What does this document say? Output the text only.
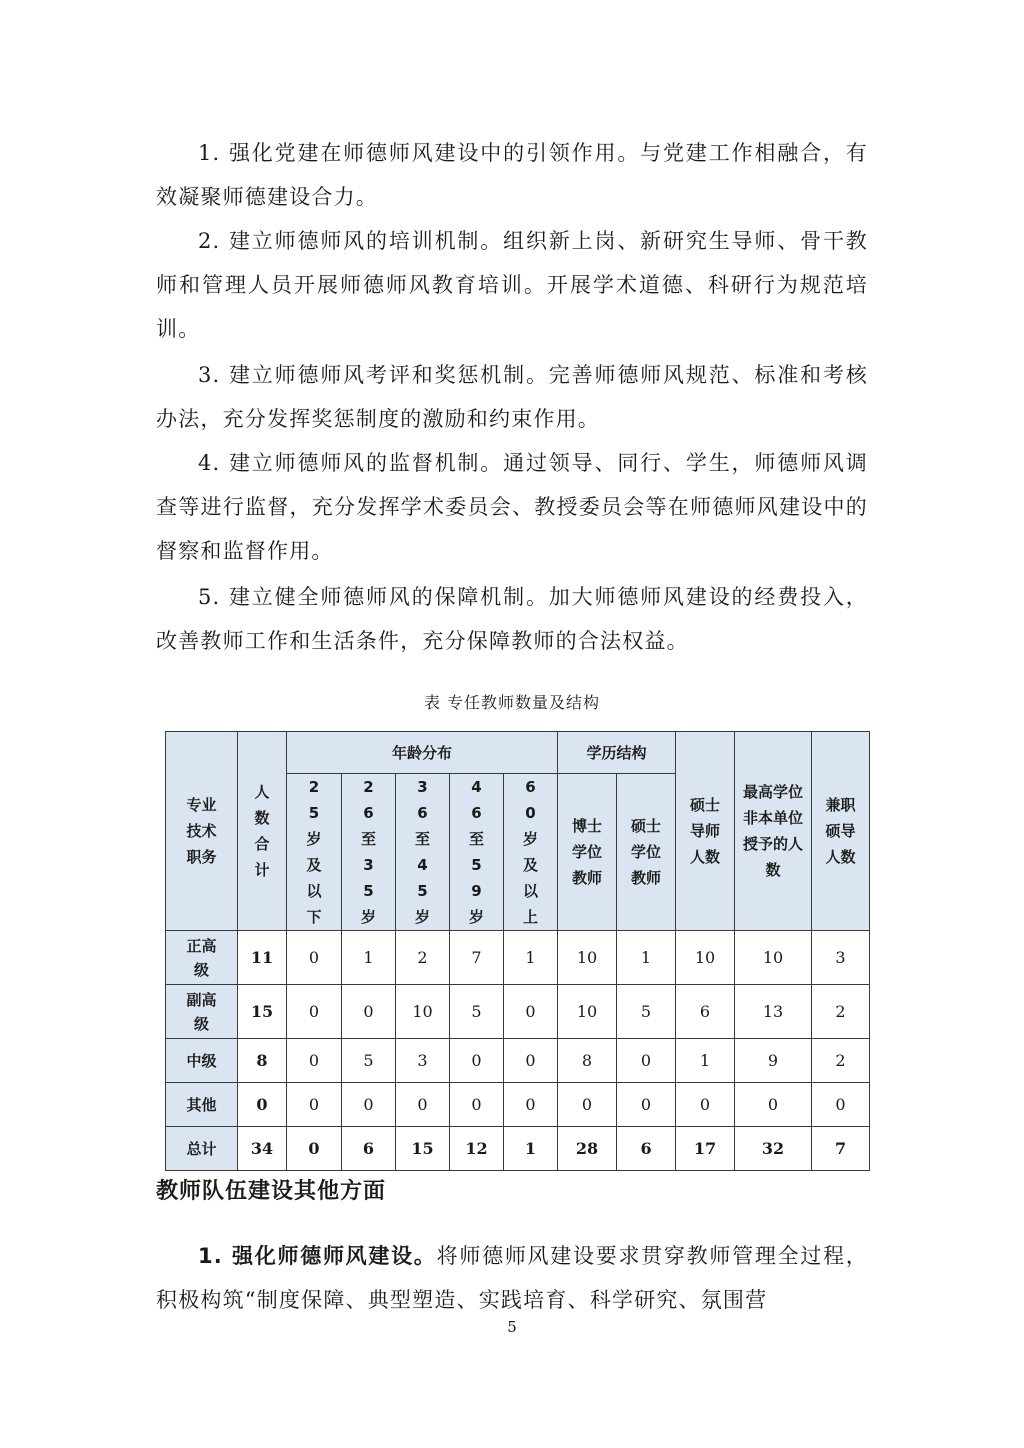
1. 强化党建在师德师风建设中的引领作用。与党建工作相融合，有效凝聚师德建设合力。

2. 建立师德师风的培训机制。组织新上岗、新研究生导师、骨干教师和管理人员开展师德师风教育培训。开展学术道德、科研行为规范培训。

3. 建立师德师风考评和奖惩机制。完善师德师风规范、标准和考核办法，充分发挥奖惩制度的激励和约束作用。

4. 建立师德师风的监督机制。通过领导、同行、学生，师德师风调查等进行监督，充分发挥学术委员会、教授委员会等在师德师风建设中的督察和监督作用。

5. 建立健全师德师风的保障机制。加大师德师风建设的经费投入，改善教师工作和生活条件，充分保障教师的合法权益。

表 专任教师数量及结构
专业技术职务	人数合计	年龄分布					学历结构		硕士导师人数	最高学位非本单位授予的人数	兼职硕导人数
		25岁及以下	26至35岁	36至45岁	46至59岁	60岁及以上	博士学位教师	硕士学位教师			
正高级	11	0	1	2	7	1	10	1	10	10	3
副高级	15	0	0	10	5	0	10	5	6	13	2
中级	8	0	5	3	0	0	8	0	1	9	2
其他	0	0	0	0	0	0	0	0	0	0	0
总计	34	0	6	15	12	1	28	6	17	32	7
教师队伍建设其他方面

1. 强化师德师风建设。将师德师风建设要求贯穿教师管理全过程，积极构筑“制度保障、典型塑造、实践培育、科学研究、氛围营

5
